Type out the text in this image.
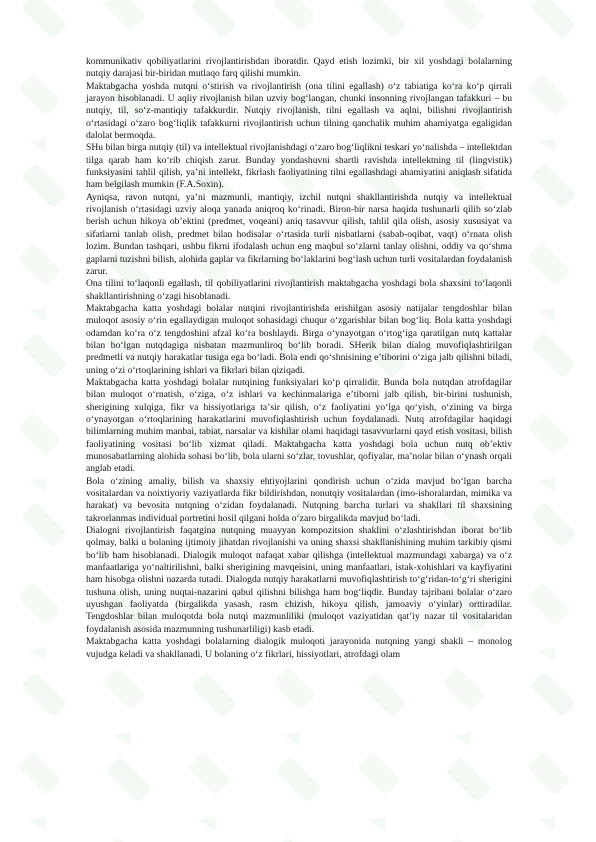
kommunikativ qobiliyatlarini rivojlantirishdan iboratdir. Qayd etish lozimki, bir xil yoshdagi bolalarning nutqiy darajasi bir-biridan mutlaqo farq qilishi mumkin.

Maktabgacha yoshda nutqni oʻstirish va rivojlantirish (ona tilini egallash) oʻz tabiatiga koʻra koʻp qirrali jarayon hisoblanadi. U aqliy rivojlanish bilan uzviy bogʻlangan, chunki insonning rivojlangan tafakkuri – bu nutqiy, til, soʻz-mantiqiy tafakkurdir. Nutqiy rivojlanish, tilni egallash va aqlni, bilishni rivojlantirish oʻrtasidagi oʻzaro bogʻliqlik tafakkurni rivojlantirish uchun tilning qanchalik muhim ahamiyatga egaligidan dalolat bermoqda.

SHu bilan birga nutqiy (til) va intellektual rivojlanishdagi oʻzaro bogʻliqlikni teskari yoʻnalishda – intellektdan tilga qarab ham koʻrib chiqish zarur. Bunday yondashuvni shartli ravishda intellektning til (lingvistik) funksiyasini tahlil qilish, yaʼni intellekt, fikrlash faoliyatining tilni egallashdagi ahamiyatini aniqlash sifatida ham belgilash mumkin (F.A.Soxin).

Ayniqsa, ravon nutqni, yaʼni mazmunli, mantiqiy, izchil nutqni shakllantirishda nutqiy va intellektual rivojlanish oʻrtasidagi uzviy aloqa yanada aniqroq koʻrinadi. Biron-bir narsa haqida tushunarli qilib soʻzlab berish uchun hikoya obʼektini (predmet, voqeani) aniq tasavvur qilish, tahlil qila olish, asosiy xususiyat va sifatlarni tanlab olish, predmet bilan hodisalar oʻrtasida turli nisbatlarni (sabab-oqibat, vaqt) oʻrnata olish lozim. Bundan tashqari, ushbu fikrni ifodalash uchun eng maqbul soʻzlarni tanlay olishni, oddiy va qoʻshma gaplarni tuzishni bilish, alohida gaplar va fikrlarning boʻlaklarini bogʻlash uchun turli vositalardan foydalanish zarur.

Ona tilini toʻlaqonli egallash, til qobiliyatlarini rivojlantirish maktabgacha yoshdagi bola shaxsini toʻlaqonli shakllantirishning oʻzagi hisoblanadi.

Maktabgacha katta yoshdagi bolalar nutqini rivojlantirishda erishilgan asosiy natijalar tengdoshlar bilan muloqot asosiy oʻrin egallaydigan muloqot sohasidagi chuqur oʻzgarishlar bilan bogʻliq. Bola katta yoshdagi odamdan koʻra oʻz tengdoshini afzal koʻra boshlaydi. Birga oʻynayotgan oʻrtogʻiga qaratilgan nutq kattalar bilan boʻlgan nutqdagiga nisbatan mazmunliroq boʻlib boradi. SHerik bilan dialog muvofiqlashtirilgan predmetli va nutqiy harakatlar tusiga ega boʻladi. Bola endi qoʻshnisining eʼtiborini oʻziga jalb qilishni biladi, uning oʻzi oʻrtoqlarining ishlari va fikrlari bilan qiziqadi.

Maktabgacha katta yoshdagi bolalar nutqining funksiyalari koʻp qirralidir. Bunda bola nutqdan atrofdagilar bilan muloqot oʻrnatish, oʻziga, oʻz ishlari va kechinmalariga eʼtiborni jalb qilish, bir-birini tushunish, sherigining xulqiga, fikr va hissiyotlariga taʼsir qilish, oʻz faoliyatini yoʻlga qoʻyish, oʻzining va birga oʻynayotgan oʻrtoqlarining harakatlarini muvofiqlashtirish uchun foydalanadi. Nutq atrofdagilar haqidagi bilimlarning muhim manbai, tabiat, narsalar va kishilar olami haqidagi tasavvurlarni qayd etish vositasi, bilish faoliyatining vositasi boʻlib xizmat qiladi. Maktabgacha katta yoshdagi bola uchun nutq obʼektiv munosabatlarning alohida sohasi boʻlib, bola ularni soʻzlar, tovushlar, qofiyalar, maʼnolar bilan oʻynash orqali anglab etadi.

Bola oʻzining amaliy, bilish va shaxsiy ehtiyojlarini qondirish uchun oʻzida mavjud boʻlgan barcha vositalardan va noixtiyoriy vaziyatlarda fikr bildirishdan, nonutqiy vositalardan (imo-ishoralardan, mimika va harakat) va bevosita nutqning oʻzidan foydalanadi. Nutqning barcha turlari va shakllari til shaxsining takrorlanmas individual portretini hosil qilgani holda oʻzaro birgalikda mavjud boʻladi.

Dialogni rivojlantirish faqatgina nutqning muayyan kompozitsion shaklini oʻzlashtirishdan iborat boʻlib qolmay, balki u bolaning ijtimoiy jihatdan rivojlanishi va uning shaxsi shakllanishining muhim tarkibiy qismi boʻlib ham hisoblanadi. Dialogik muloqot nafaqat xabar qilishga (intellektual mazmundagi xabarga) va oʻz manfaatlariga yoʻnaltirilishni, balki sherigining mavqeisini, uning manfaatlari, istak-xohishlari va kayfiyatini ham hisobga olishni nazarda tutadi. Dialogda nutqiy harakatlarni muvofiqlashtirish toʻgʻridan-toʻgʻri sherigini tushuna olish, uning nuqtai-nazarini qabul qilishni bilishga ham bogʻliqdir. Bunday tajribani bolalar oʻzaro uyushgan faoliyatda (birgalikda yasash, rasm chizish, hikoya qilish, jamoaviy oʻyinlar) orttiradilar. Tengdoshlar bilan muloqotda bola nutqi mazmunliliki (muloqot vaziyatidan qatʼiy nazar til vositalaridan foydalanish asosida mazmunning tushunarliligi) kasb etadi.

Maktabgacha katta yoshdagi bolalarning dialogik muloqoti jarayonida nutqning yangi shakli – monolog vujudga keladi va shakllanadi. U bolaning oʻz fikrlari, hissiyotlari, atrofdagi olam
